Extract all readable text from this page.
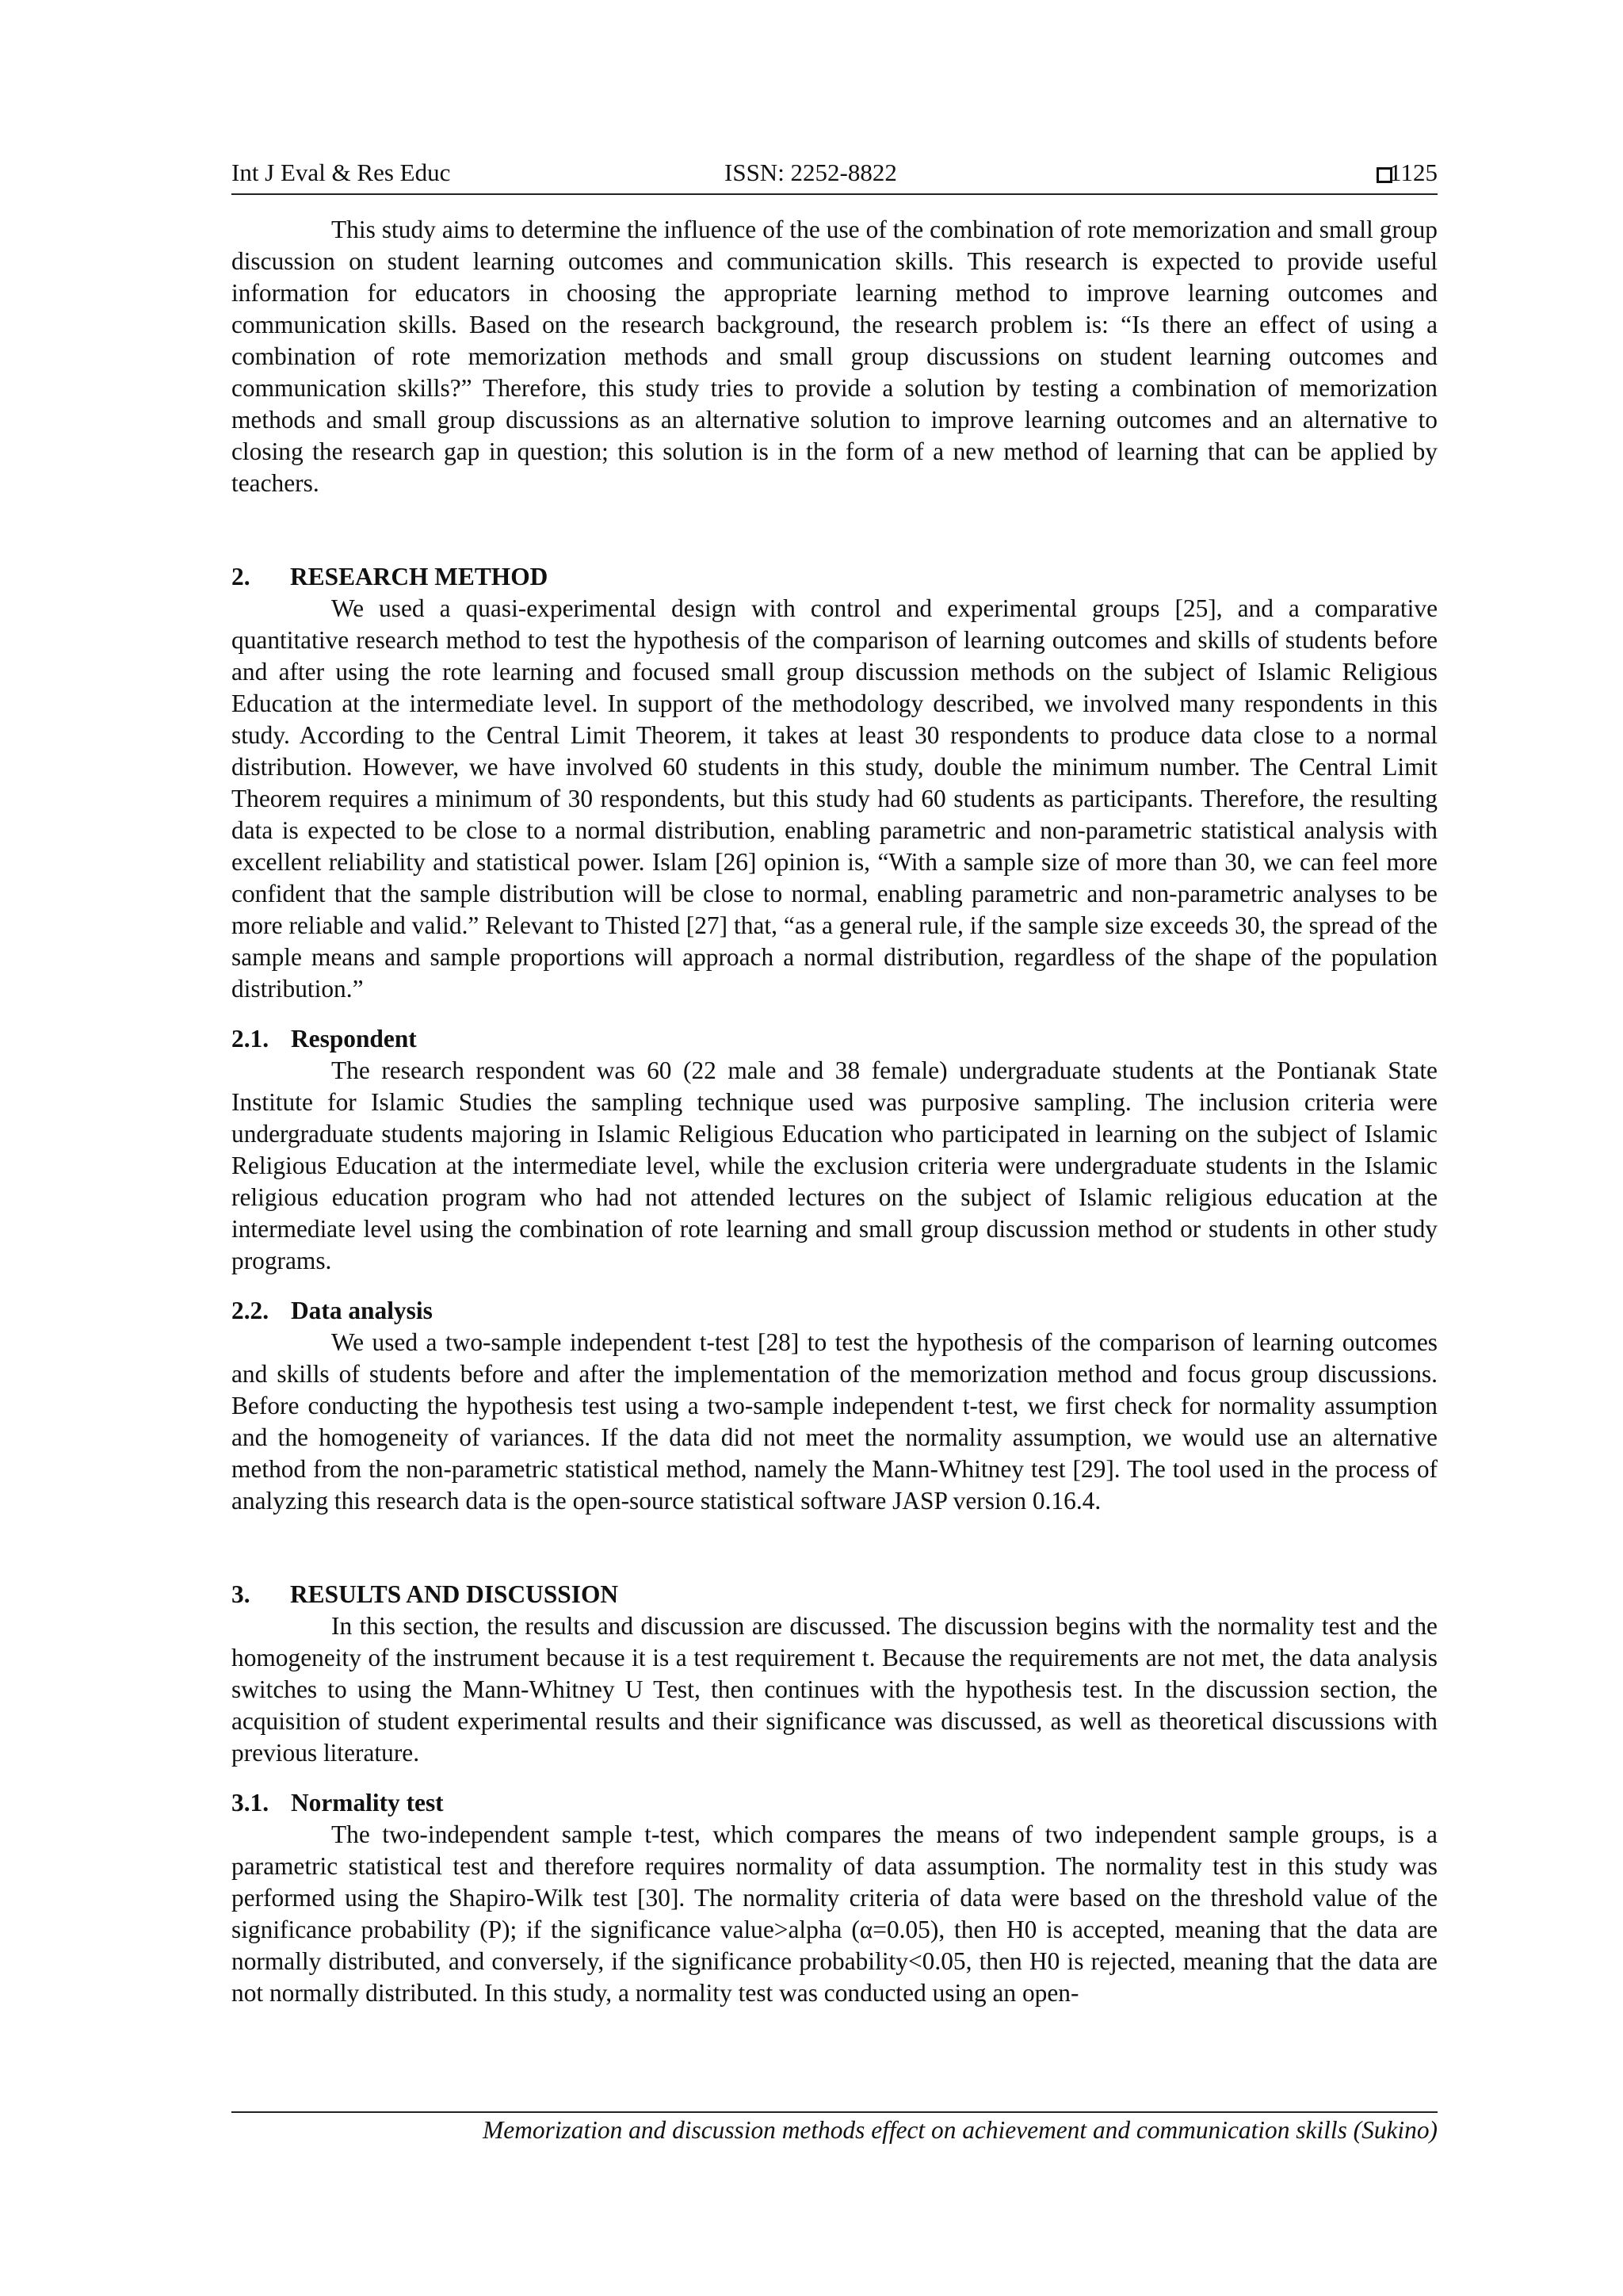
Int J Eval & Res Educ	ISSN: 2252-8822	1125

This study aims to determine the influence of the use of the combination of rote memorization and small group discussion on student learning outcomes and communication skills. This research is expected to provide useful information for educators in choosing the appropriate learning method to improve learning outcomes and communication skills. Based on the research background, the research problem is: “Is there an effect of using a combination of rote memorization methods and small group discussions on student learning outcomes and communication skills?” Therefore, this study tries to provide a solution by testing a combination of memorization methods and small group discussions as an alternative solution to improve learning outcomes and an alternative to closing the research gap in question; this solution is in the form of a new method of learning that can be applied by teachers.

2. RESEARCH METHOD

We used a quasi-experimental design with control and experimental groups [25], and a comparative quantitative research method to test the hypothesis of the comparison of learning outcomes and skills of students before and after using the rote learning and focused small group discussion methods on the subject of Islamic Religious Education at the intermediate level. In support of the methodology described, we involved many respondents in this study. According to the Central Limit Theorem, it takes at least 30 respondents to produce data close to a normal distribution. However, we have involved 60 students in this study, double the minimum number. The Central Limit Theorem requires a minimum of 30 respondents, but this study had 60 students as participants. Therefore, the resulting data is expected to be close to a normal distribution, enabling parametric and non-parametric statistical analysis with excellent reliability and statistical power. Islam [26] opinion is, “With a sample size of more than 30, we can feel more confident that the sample distribution will be close to normal, enabling parametric and non-parametric analyses to be more reliable and valid.” Relevant to Thisted [27] that, “as a general rule, if the sample size exceeds 30, the spread of the sample means and sample proportions will approach a normal distribution, regardless of the shape of the population distribution.”

2.1. Respondent

The research respondent was 60 (22 male and 38 female) undergraduate students at the Pontianak State Institute for Islamic Studies the sampling technique used was purposive sampling. The inclusion criteria were undergraduate students majoring in Islamic Religious Education who participated in learning on the subject of Islamic Religious Education at the intermediate level, while the exclusion criteria were undergraduate students in the Islamic religious education program who had not attended lectures on the subject of Islamic religious education at the intermediate level using the combination of rote learning and small group discussion method or students in other study programs.

2.2. Data analysis

We used a two-sample independent t-test [28] to test the hypothesis of the comparison of learning outcomes and skills of students before and after the implementation of the memorization method and focus group discussions. Before conducting the hypothesis test using a two-sample independent t-test, we first check for normality assumption and the homogeneity of variances. If the data did not meet the normality assumption, we would use an alternative method from the non-parametric statistical method, namely the Mann-Whitney test [29]. The tool used in the process of analyzing this research data is the open-source statistical software JASP version 0.16.4.

3. RESULTS AND DISCUSSION

In this section, the results and discussion are discussed. The discussion begins with the normality test and the homogeneity of the instrument because it is a test requirement t. Because the requirements are not met, the data analysis switches to using the Mann-Whitney U Test, then continues with the hypothesis test. In the discussion section, the acquisition of student experimental results and their significance was discussed, as well as theoretical discussions with previous literature.

3.1. Normality test

The two-independent sample t-test, which compares the means of two independent sample groups, is a parametric statistical test and therefore requires normality of data assumption. The normality test in this study was performed using the Shapiro-Wilk test [30]. The normality criteria of data were based on the threshold value of the significance probability (P); if the significance value>alpha (α=0.05), then H0 is accepted, meaning that the data are normally distributed, and conversely, if the significance probability<0.05, then H0 is rejected, meaning that the data are not normally distributed. In this study, a normality test was conducted using an open-

Memorization and discussion methods effect on achievement and communication skills (Sukino)
